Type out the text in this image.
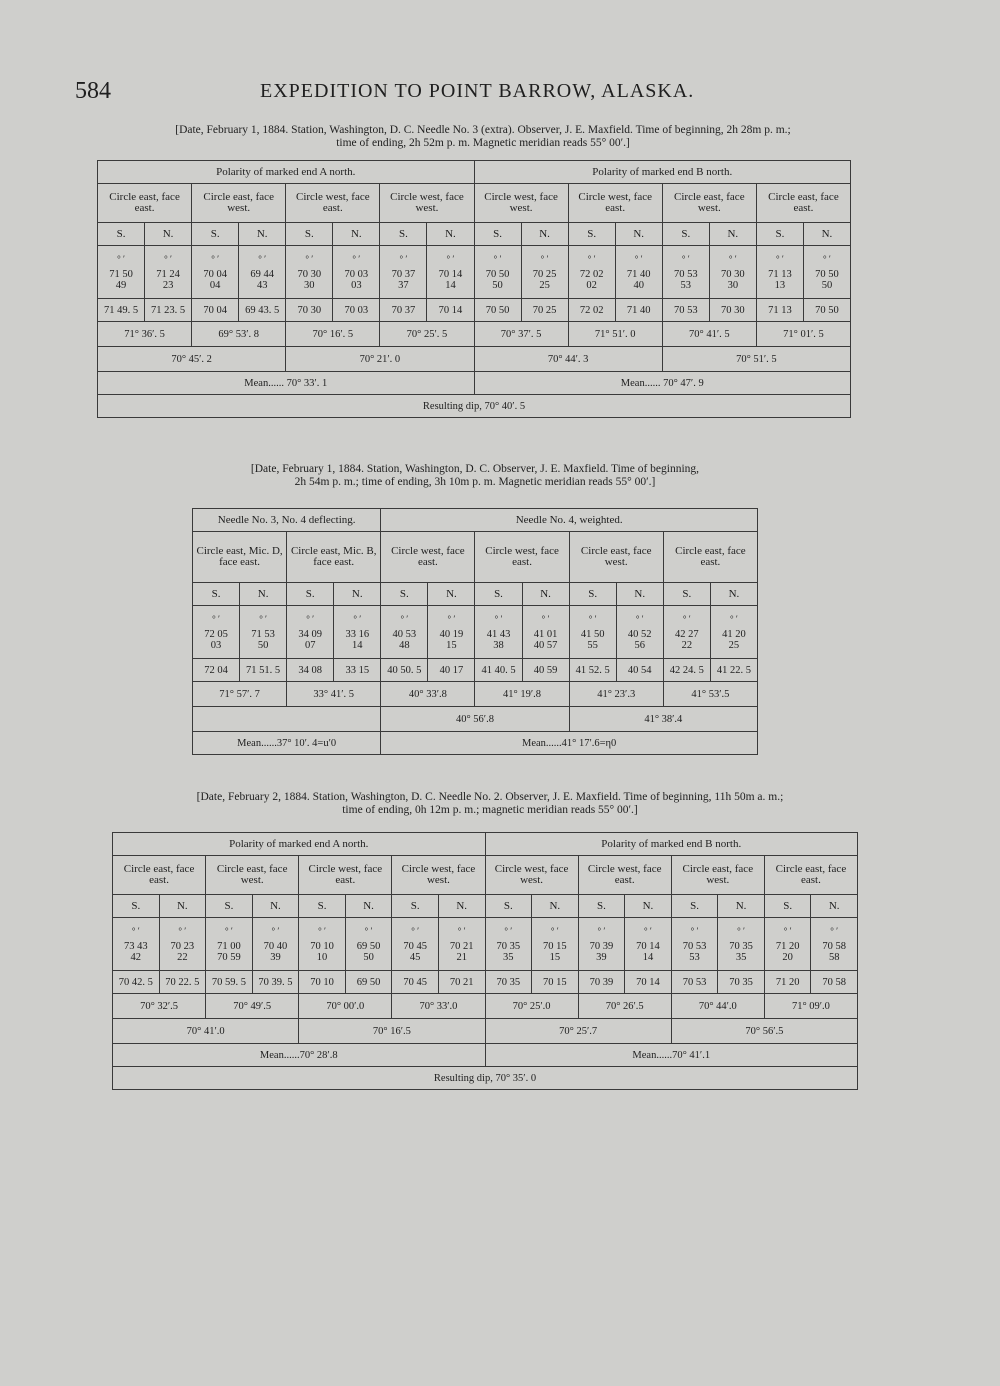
584	EXPEDITION TO POINT BARROW, ALASKA.
[Date, February 1, 1884. Station, Washington, D. C. Needle No. 3 (extra). Observer, J. E. Maxfield. Time of beginning, 2h 28m p. m.;
time of ending, 2h 52m p. m. Magnetic meridian reads 55° 00′.]
Polarity of marked end A north.								Polarity of marked end B north.							
Circle east, face east.		Circle east, face west.		Circle west, face east.		Circle west, face west.		Circle west, face west.		Circle west, face east.		Circle east, face west.		Circle east, face east.	
S.	N.	S.	N.	S.	N.	S.	N.	S.	N.	S.	N.	S.	N.	S.	N.

° ′
71 50
49	° ′
71 24
23	° ′
70 04
04	° ′
69 44
43	° ′
70 30
30	° ′
70 03
03	° ′
70 37
37	° ′
70 14
14	° ′
70 50
50	° ′
70 25
25	° ′
72 02
02	° ′
71 40
40	° ′
70 53
53	° ′
70 30
30	° ′
71 13
13	° ′
70 50
50

71 49. 5	71 23. 5	70 04	69 43. 5	70 30	70 03	70 37	70 14	70 50	70 25	72 02	71 40	70 53	70 30	71 13	70 50
71° 36′. 5		69° 53′. 8		70° 16′. 5		70° 25′. 5		70° 37′. 5		71° 51′. 0		70° 41′. 5		71° 01′. 5	
70° 45′. 2				70° 21′. 0				70° 44′. 3				70° 51′. 5			
Mean...... 70° 33′. 1								Mean...... 70° 47′. 9							
Resulting dip, 70° 40′. 5															
[Date, February 1, 1884. Station, Washington, D. C. Observer, J. E. Maxfield. Time of beginning,
2h 54m p. m.; time of ending, 3h 10m p. m. Magnetic meridian reads 55° 00′.]
Needle No. 3, No. 4 deflecting.				Needle No. 4, weighted.							
Circle east, Mic. D, face east.		Circle east, Mic. B, face east.		Circle west, face east.		Circle west, face east.		Circle east, face west.		Circle east, face east.	
S.	N.	S.	N.	S.	N.	S.	N.	S.	N.	S.	N.

° ′
72 05
03	° ′
71 53
50	° ′
34 09
07	° ′
33 16
14	° ′
40 53
48	° ′
40 19
15	° ′
41 43
38	° ′
41 01
40 57	° ′
41 50
55	° ′
40 52
56	° ′
42 27
22	° ′
41 20
25

72 04	71 51. 5	34 08	33 15	40 50. 5	40 17	41 40. 5	40 59	41 52. 5	40 54	42 24. 5	41 22. 5
71° 57′. 7		33° 41′. 5		40° 33′.8		41° 19′.8		41° 23′.3		41° 53′.5	
				40° 56′.8				41° 38′.4			
Mean......37° 10′. 4=u′0				Mean......41° 17′.6=η0							
[Date, February 2, 1884. Station, Washington, D. C. Needle No. 2. Observer, J. E. Maxfield. Time of beginning, 11h 50m a. m.;
time of ending, 0h 12m p. m.; magnetic meridian reads 55° 00′.]
Polarity of marked end A north.								Polarity of marked end B north.							
Circle east, face east.		Circle east, face west.		Circle west, face east.		Circle west, face west.		Circle west, face west.		Circle west, face east.		Circle east, face west.		Circle east, face east.	
S.	N.	S.	N.	S.	N.	S.	N.	S.	N.	S.	N.	S.	N.	S.	N.

° ′
73 43
42	° ′
70 23
22	° ′
71 00
70 59	° ′
70 40
39	° ′
70 10
10	° ′
69 50
50	° ′
70 45
45	° ′
70 21
21	° ′
70 35
35	° ′
70 15
15	° ′
70 39
39	° ′
70 14
14	° ′
70 53
53	° ′
70 35
35	° ′
71 20
20	° ′
70 58
58

70 42. 5	70 22. 5	70 59. 5	70 39. 5	70 10	69 50	70 45	70 21	70 35	70 15	70 39	70 14	70 53	70 35	71 20	70 58
70° 32′.5		70° 49′.5		70° 00′.0		70° 33′.0		70° 25′.0		70° 26′.5		70° 44′.0		71° 09′.0	
70° 41′.0				70° 16′.5				70° 25′.7				70° 56′.5			
Mean......70° 28′.8								Mean......70° 41′.1							
Resulting dip, 70° 35′. 0															
